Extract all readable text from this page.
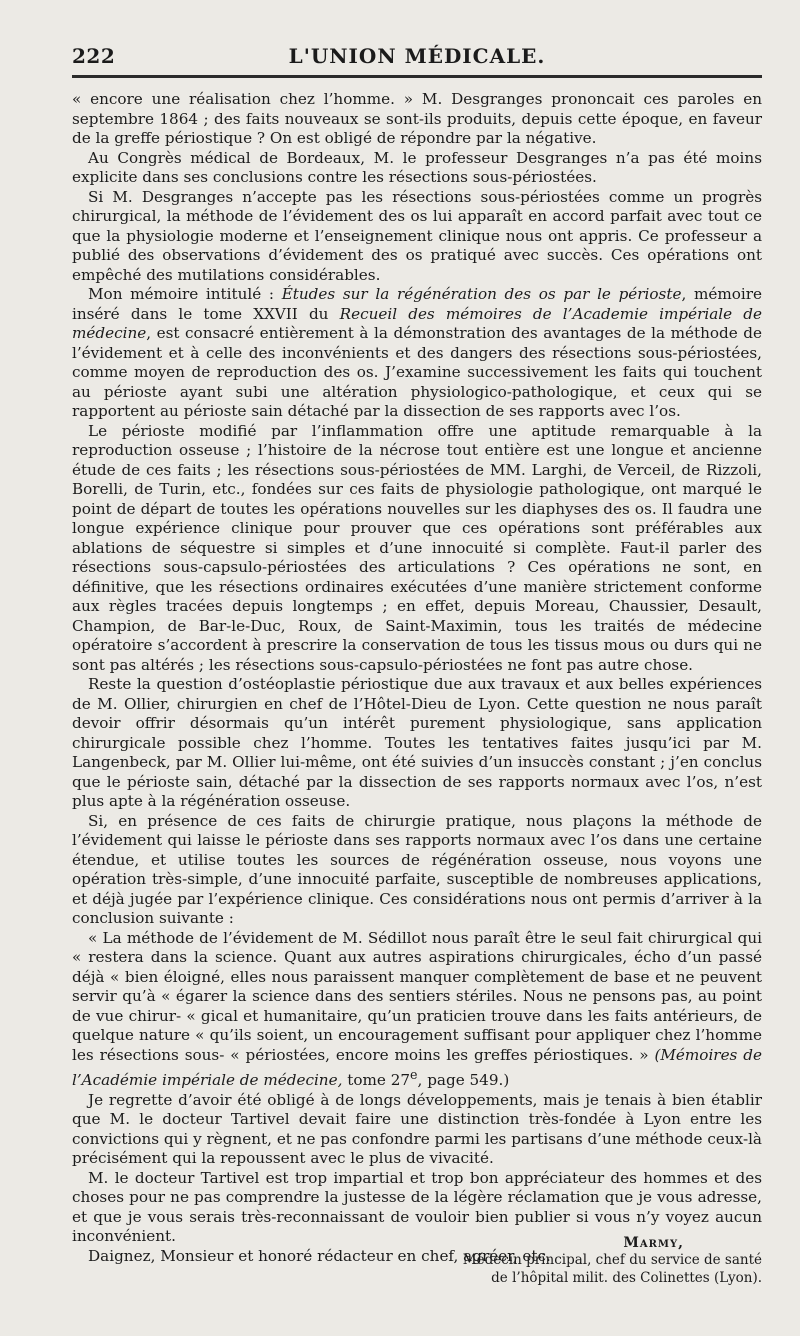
222	L'UNION MÉDICALE.

« encore une réalisation chez l’homme. » M. Desgranges prononcait ces paroles en septembre 1864 ; des faits nouveaux se sont-ils produits, depuis cette époque, en faveur de la greffe périostique ? On est obligé de répondre par la négative.

Au Congrès médical de Bordeaux, M. le professeur Desgranges n’a pas été moins explicite dans ses conclusions contre les résections sous-périostées.

Si M. Desgranges n’accepte pas les résections sous-périostées comme un progrès chirurgical, la méthode de l’évidement des os lui apparaît en accord parfait avec tout ce que la physiologie moderne et l’enseignement clinique nous ont appris. Ce professeur a publié des observations d’évidement des os pratiqué avec succès. Ces opérations ont empêché des mutilations considérables.

Mon mémoire intitulé : Études sur la régénération des os par le périoste, mémoire inséré dans le tome XXVII du Recueil des mémoires de l’Academie impériale de médecine, est consacré entièrement à la démonstration des avantages de la méthode de l’évidement et à celle des inconvénients et des dangers des résections sous-périostées, comme moyen de reproduction des os. J’examine successivement les faits qui touchent au périoste ayant subi une altération physiologico-pathologique, et ceux qui se rapportent au périoste sain détaché par la dissection de ses rapports avec l’os.

Le périoste modifié par l’inflammation offre une aptitude remarquable à la reproduction osseuse ; l’histoire de la nécrose tout entière est une longue et ancienne étude de ces faits ; les résections sous-périostées de MM. Larghi, de Verceil, de Rizzoli, Borelli, de Turin, etc., fondées sur ces faits de physiologie pathologique, ont marqué le point de départ de toutes les opérations nouvelles sur les diaphyses des os. Il faudra une longue expérience clinique pour prouver que ces opérations sont préférables aux ablations de séquestre si simples et d’une innocuité si complète. Faut-il parler des résections sous-capsulo-périostées des articulations ? Ces opérations ne sont, en définitive, que les résections ordinaires exécutées d’une manière strictement conforme aux règles tracées depuis longtemps ; en effet, depuis Moreau, Chaussier, Desault, Champion, de Bar-le-Duc, Roux, de Saint-Maximin, tous les traités de médecine opératoire s’accordent à prescrire la conservation de tous les tissus mous ou durs qui ne sont pas altérés ; les résections sous-capsulo-périostées ne font pas autre chose.

Reste la question d’ostéoplastie périostique due aux travaux et aux belles expériences de M. Ollier, chirurgien en chef de l’Hôtel-Dieu de Lyon. Cette question ne nous paraît devoir offrir désormais qu’un intérêt purement physiologique, sans application chirurgicale possible chez l’homme. Toutes les tentatives faites jusqu’ici par M. Langenbeck, par M. Ollier lui-même, ont été suivies d’un insuccès constant ; j’en conclus que le périoste sain, détaché par la dissection de ses rapports normaux avec l’os, n’est plus apte à la régénération osseuse.

Si, en présence de ces faits de chirurgie pratique, nous plaçons la méthode de l’évidement qui laisse le périoste dans ses rapports normaux avec l’os dans une certaine étendue, et utilise toutes les sources de régénération osseuse, nous voyons une opération très-simple, d’une innocuité parfaite, susceptible de nombreuses applications, et déjà jugée par l’expérience clinique. Ces considérations nous ont permis d’arriver à la conclusion suivante :

« La méthode de l’évidement de M. Sédillot nous paraît être le seul fait chirurgical qui « restera dans la science. Quant aux autres aspirations chirurgicales, écho d’un passé déjà « bien éloigné, elles nous paraissent manquer complètement de base et ne peuvent servir qu’à « égarer la science dans des sentiers stériles. Nous ne pensons pas, au point de vue chirur- « gical et humanitaire, qu’un praticien trouve dans les faits antérieurs, de quelque nature « qu’ils soient, un encouragement suffisant pour appliquer chez l’homme les résections sous- « périostées, encore moins les greffes périostiques. » (Mémoires de l’Académie impériale de médecine, tome 27e, page 549.)

Je regrette d’avoir été obligé à de longs développements, mais je tenais à bien établir que M. le docteur Tartivel devait faire une distinction très-fondée à Lyon entre les convictions qui y règnent, et ne pas confondre parmi les partisans d’une méthode ceux-là précisément qui la repoussent avec le plus de vivacité.

M. le docteur Tartivel est trop impartial et trop bon appréciateur des hommes et des choses pour ne pas comprendre la justesse de la légère réclamation que je vous adresse, et que je vous serais très-reconnaissant de vouloir bien publier si vous n’y voyez aucun inconvénient.

Daignez, Monsieur et honoré rédacteur en chef, agréer, etc.

Marmy,
Médecin principal, chef du service de santé
de l’hôpital milit. des Colinettes (Lyon).
